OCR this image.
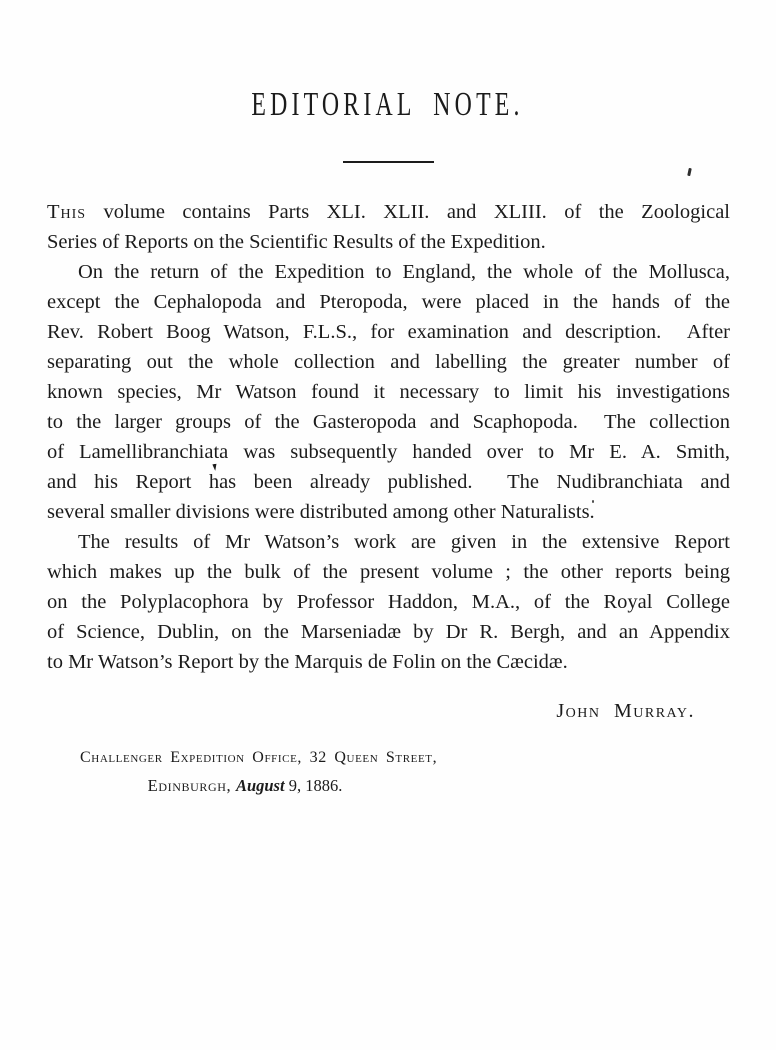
EDITORIAL NOTE.
This volume contains Parts XLI. XLII. and XLIII. of the Zoological
Series of Reports on the Scientific Results of the Expedition.
On the return of the Expedition to England, the whole of the Mollusca,
except the Cephalopoda and Pteropoda, were placed in the hands of the
Rev. Robert Boog Watson, F.L.S., for examination and description.  After
separating out the whole collection and labelling the greater number of
known species, Mr Watson found it necessary to limit his investigations
to the larger groups of the Gasteropoda and Scaphopoda.  The collection
of Lamellibranchiata was subsequently handed over to Mr E. A. Smith,
and his Report has been already published.  The Nudibranchiata and
several smaller divisions were distributed among other Naturalists.
The results of Mr Watson’s work are given in the extensive Report
which makes up the bulk of the present volume ; the other reports being
on the Polyplacophora by Professor Haddon, M.A., of the Royal College
of Science, Dublin, on the Marseniadæ by Dr R. Bergh, and an Appendix
to Mr Watson’s Report by the Marquis de Folin on the Cæcidæ.
John Murray.
Challenger Expedition Office, 32 Queen Street,
Edinburgh, August 9, 1886.
